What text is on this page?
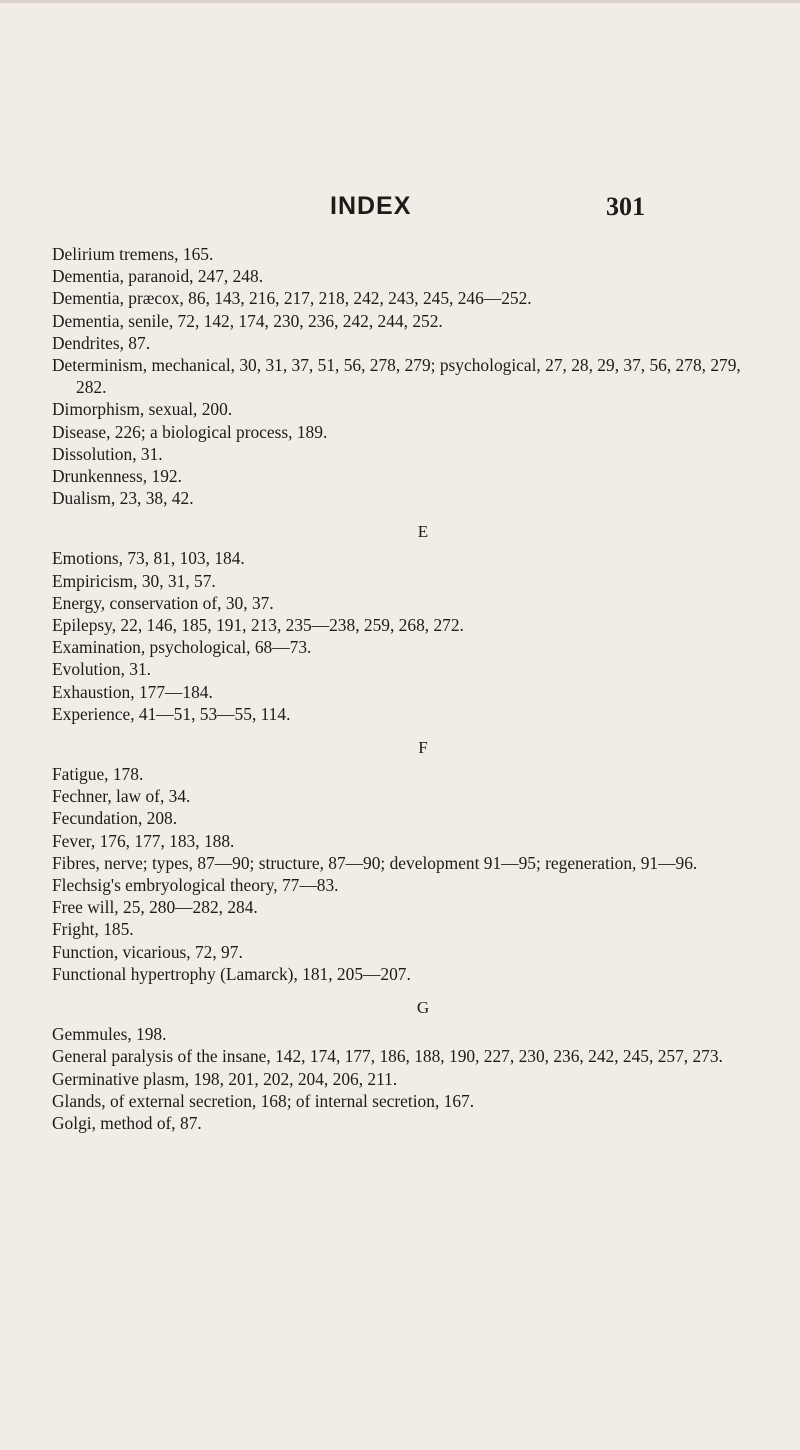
INDEX	301
Delirium tremens, 165.
Dementia, paranoid, 247, 248.
Dementia, præcox, 86, 143, 216, 217, 218, 242, 243, 245, 246—252.
Dementia, senile, 72, 142, 174, 230, 236, 242, 244, 252.
Dendrites, 87.
Determinism, mechanical, 30, 31, 37, 51, 56, 278, 279; psychological, 27, 28, 29, 37, 56, 278, 279, 282.
Dimorphism, sexual, 200.
Disease, 226; a biological process, 189.
Dissolution, 31.
Drunkenness, 192.
Dualism, 23, 38, 42.
E
Emotions, 73, 81, 103, 184.
Empiricism, 30, 31, 57.
Energy, conservation of, 30, 37.
Epilepsy, 22, 146, 185, 191, 213, 235—238, 259, 268, 272.
Examination, psychological, 68—73.
Evolution, 31.
Exhaustion, 177—184.
Experience, 41—51, 53—55, 114.
F
Fatigue, 178.
Fechner, law of, 34.
Fecundation, 208.
Fever, 176, 177, 183, 188.
Fibres, nerve; types, 87—90; structure, 87—90; development 91—95; regeneration, 91—96.
Flechsig's embryological theory, 77—83.
Free will, 25, 280—282, 284.
Fright, 185.
Function, vicarious, 72, 97.
Functional hypertrophy (Lamarck), 181, 205—207.
G
Gemmules, 198.
General paralysis of the insane, 142, 174, 177, 186, 188, 190, 227, 230, 236, 242, 245, 257, 273.
Germinative plasm, 198, 201, 202, 204, 206, 211.
Glands, of external secretion, 168; of internal secretion, 167.
Golgi, method of, 87.
